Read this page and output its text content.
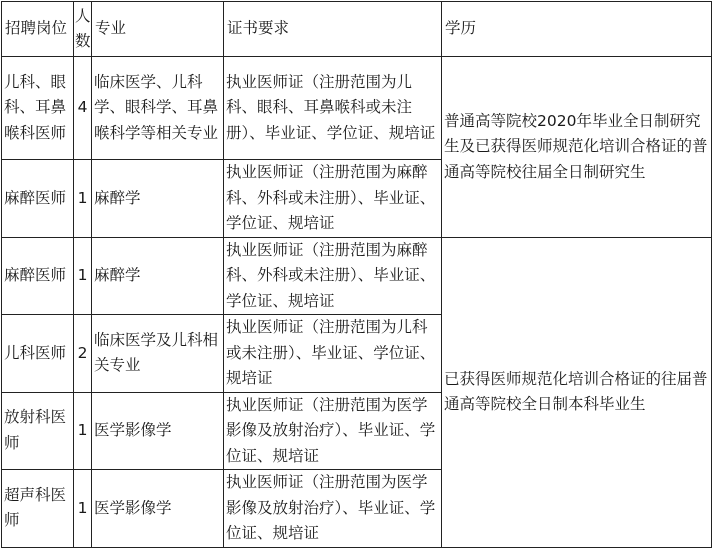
招聘岗位	人数	专业	证书要求	学历
儿科、眼科、耳鼻喉科医师	4	临床医学、儿科学、眼科学、耳鼻喉科学等相关专业	执业医师证（注册范围为儿科、眼科、耳鼻喉科或未注册）、毕业证、学位证、规培证	普通高等院校2020年毕业全日制研究生及已获得医师规范化培训合格证的普通高等院校往届全日制研究生
麻醉医师	1	麻醉学	执业医师证（注册范围为麻醉科、外科或未注册）、毕业证、学位证、规培证	
麻醉医师	1	麻醉学	执业医师证（注册范围为麻醉科、外科或未注册）、毕业证、学位证、规培证	已获得医师规范化培训合格证的往届普通高等院校全日制本科毕业生
儿科医师	2	临床医学及儿科相关专业	执业医师证（注册范围为儿科或未注册）、毕业证、学位证、规培证	
放射科医师	1	医学影像学	执业医师证（注册范围为医学影像及放射治疗）、毕业证、学位证、规培证	
超声科医师	1	医学影像学	执业医师证（注册范围为医学影像及放射治疗）、毕业证、学位证、规培证	
